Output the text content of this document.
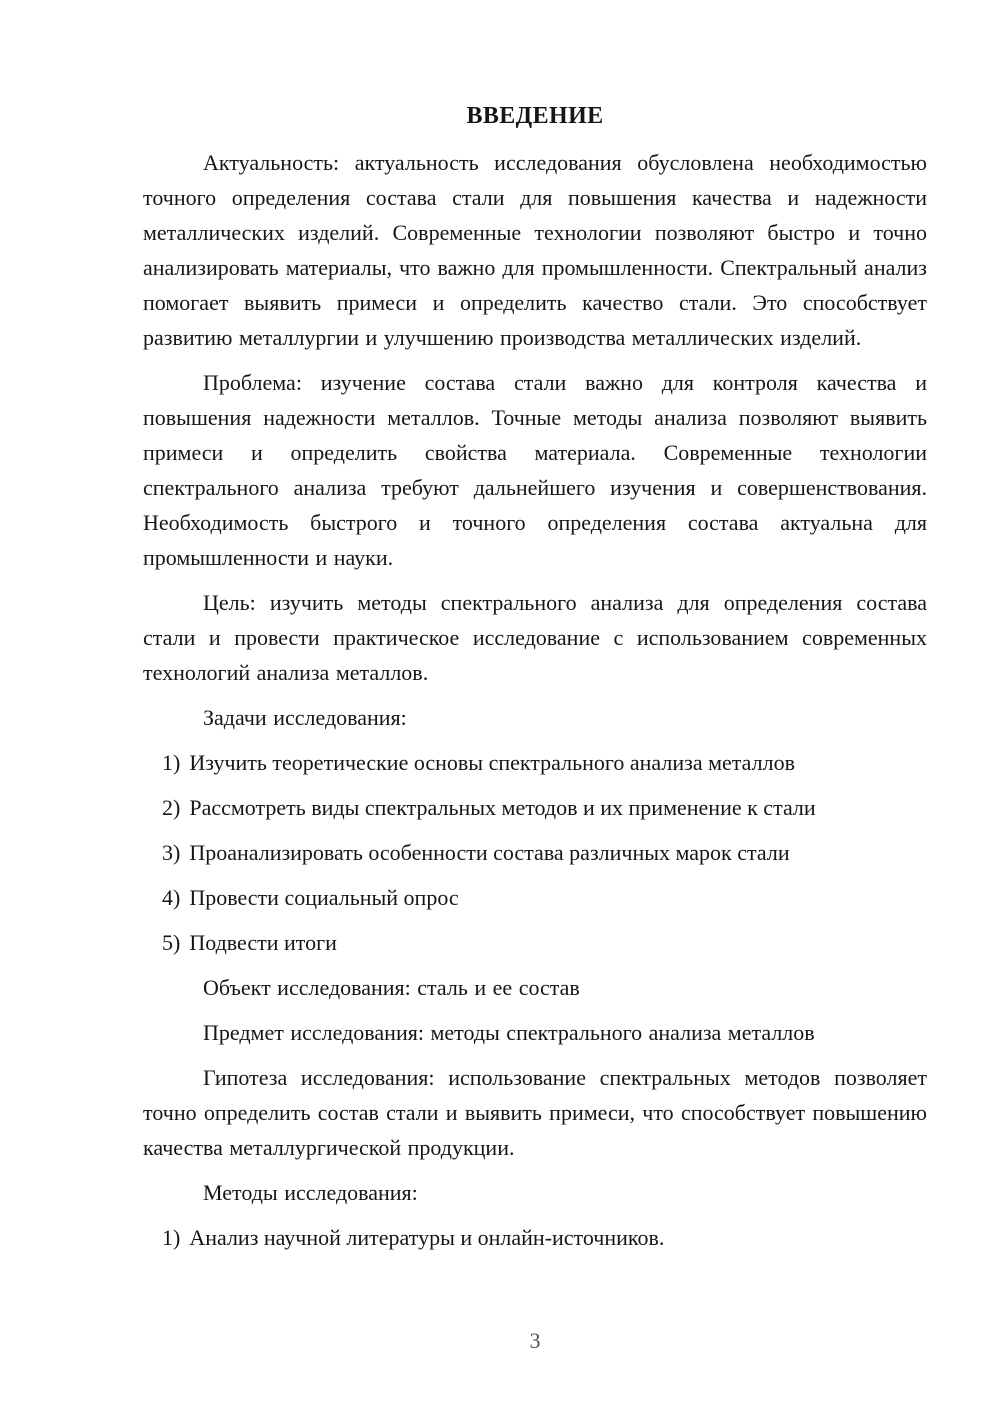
ВВЕДЕНИЕ

Актуальность: актуальность исследования обусловлена необходимостью точного определения состава стали для повышения качества и надежности металлических изделий. Современные технологии позволяют быстро и точно анализировать материалы, что важно для промышленности. Спектральный анализ помогает выявить примеси и определить качество стали. Это способствует развитию металлургии и улучшению производства металлических изделий.

Проблема: изучение состава стали важно для контроля качества и повышения надежности металлов. Точные методы анализа позволяют выявить примеси и определить свойства материала. Современные технологии спектрального анализа требуют дальнейшего изучения и совершенствования. Необходимость быстрого и точного определения состава актуальна для промышленности и науки.

Цель: изучить методы спектрального анализа для определения состава стали и провести практическое исследование с использованием современных технологий анализа металлов.

Задачи исследования:

1) Изучить теоретические основы спектрального анализа металлов
2) Рассмотреть виды спектральных методов и их применение к стали
3) Проанализировать особенности состава различных марок стали
4) Провести социальный опрос
5) Подвести итоги

Объект исследования: сталь и ее состав

Предмет исследования: методы спектрального анализа металлов

Гипотеза исследования: использование спектральных методов позволяет точно определить состав стали и выявить примеси, что способствует повышению качества металлургической продукции.

Методы исследования:

1) Анализ научной литературы и онлайн-источников.
3
